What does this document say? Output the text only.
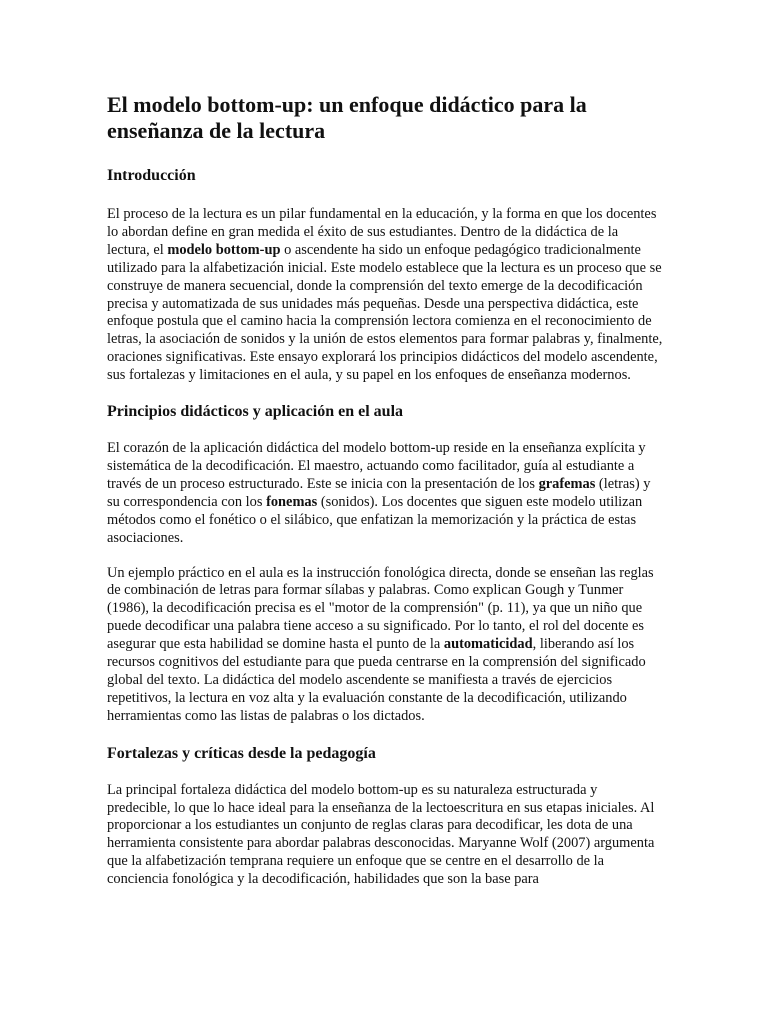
El modelo bottom-up: un enfoque didáctico para la enseñanza de la lectura
Introducción

El proceso de la lectura es un pilar fundamental en la educación, y la forma en que los docentes lo abordan define en gran medida el éxito de sus estudiantes. Dentro de la didáctica de la lectura, el modelo bottom-up o ascendente ha sido un enfoque pedagógico tradicionalmente utilizado para la alfabetización inicial. Este modelo establece que la lectura es un proceso que se construye de manera secuencial, donde la comprensión del texto emerge de la decodificación precisa y automatizada de sus unidades más pequeñas. Desde una perspectiva didáctica, este enfoque postula que el camino hacia la comprensión lectora comienza en el reconocimiento de letras, la asociación de sonidos y la unión de estos elementos para formar palabras y, finalmente, oraciones significativas. Este ensayo explorará los principios didácticos del modelo ascendente, sus fortalezas y limitaciones en el aula, y su papel en los enfoques de enseñanza modernos.

Principios didácticos y aplicación en el aula

El corazón de la aplicación didáctica del modelo bottom-up reside en la enseñanza explícita y sistemática de la decodificación. El maestro, actuando como facilitador, guía al estudiante a través de un proceso estructurado. Este se inicia con la presentación de los grafemas (letras) y su correspondencia con los fonemas (sonidos). Los docentes que siguen este modelo utilizan métodos como el fonético o el silábico, que enfatizan la memorización y la práctica de estas asociaciones.

Un ejemplo práctico en el aula es la instrucción fonológica directa, donde se enseñan las reglas de combinación de letras para formar sílabas y palabras. Como explican Gough y Tunmer (1986), la decodificación precisa es el "motor de la comprensión" (p. 11), ya que un niño que puede decodificar una palabra tiene acceso a su significado. Por lo tanto, el rol del docente es asegurar que esta habilidad se domine hasta el punto de la automaticidad, liberando así los recursos cognitivos del estudiante para que pueda centrarse en la comprensión del significado global del texto. La didáctica del modelo ascendente se manifiesta a través de ejercicios repetitivos, la lectura en voz alta y la evaluación constante de la decodificación, utilizando herramientas como las listas de palabras o los dictados.

Fortalezas y críticas desde la pedagogía

La principal fortaleza didáctica del modelo bottom-up es su naturaleza estructurada y predecible, lo que lo hace ideal para la enseñanza de la lectoescritura en sus etapas iniciales. Al proporcionar a los estudiantes un conjunto de reglas claras para decodificar, les dota de una herramienta consistente para abordar palabras desconocidas. Maryanne Wolf (2007) argumenta que la alfabetización temprana requiere un enfoque que se centre en el desarrollo de la conciencia fonológica y la decodificación, habilidades que son la base para
